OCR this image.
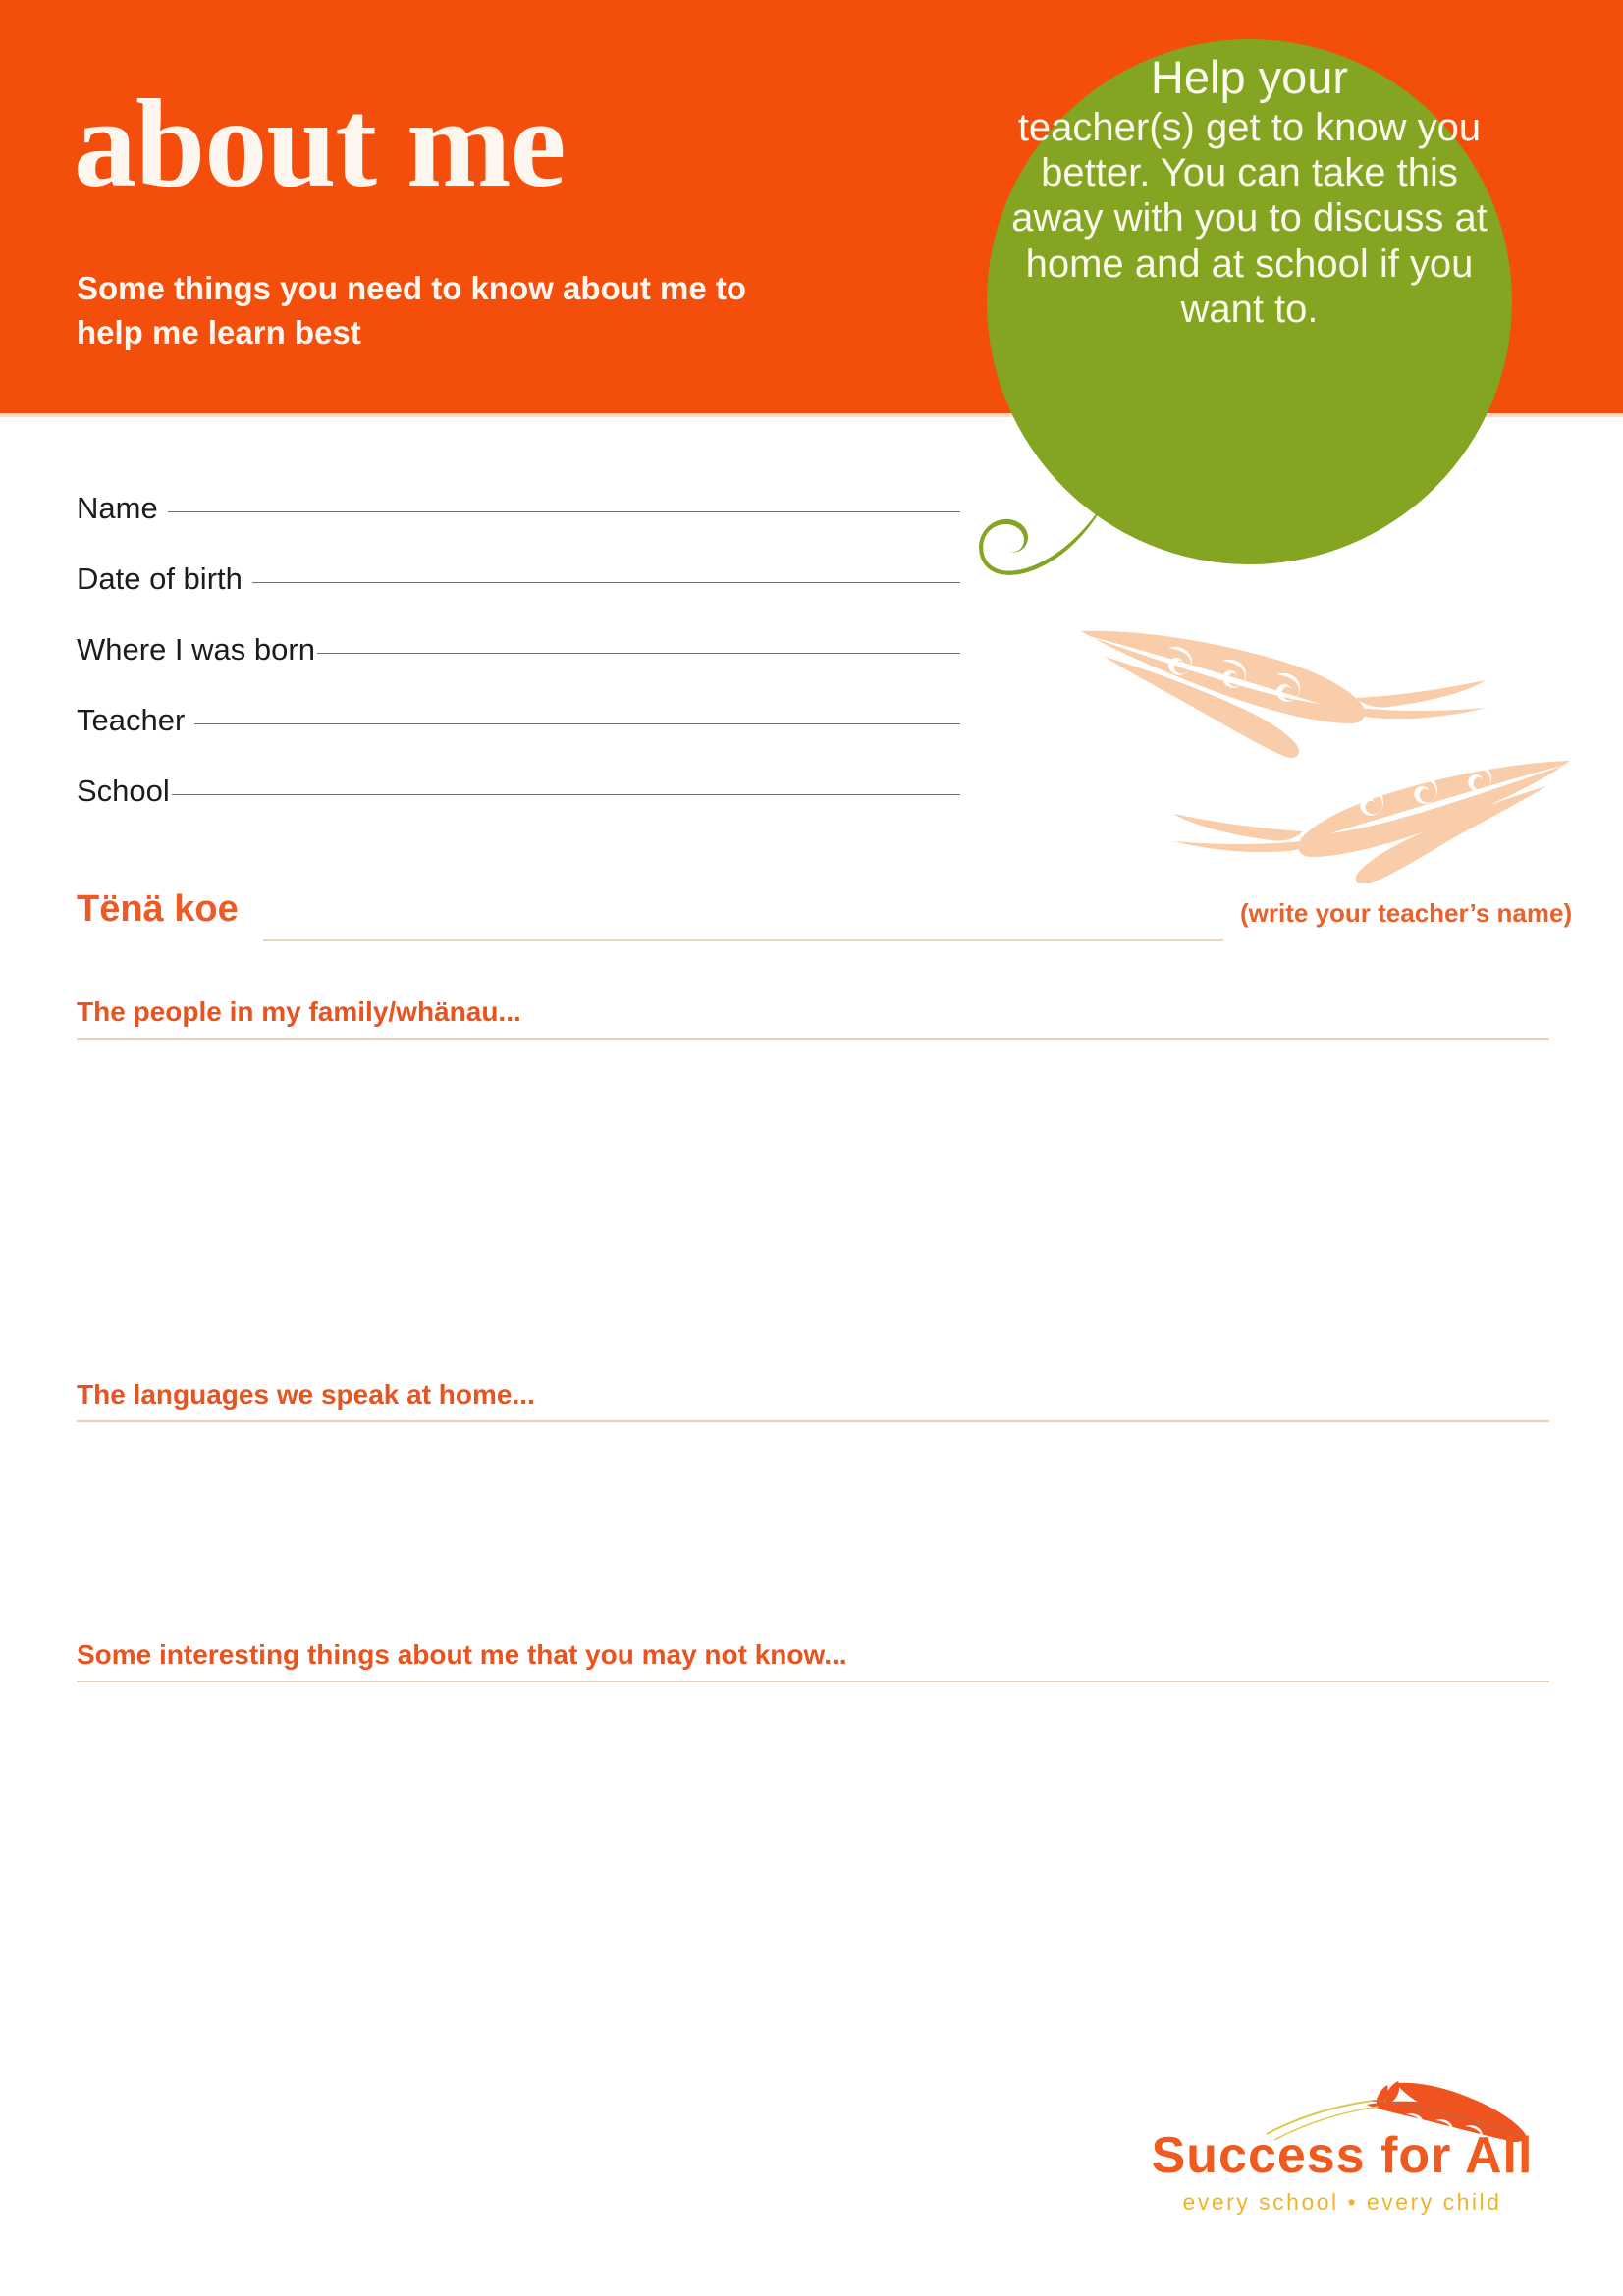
about me
Some things you need to know about me to help me learn best
Help your
teacher(s) get to know you better. You can take this away with you to discuss at home and at school if you want to.
Name
Date of birth
Where I was born
Teacher
School
Tënä koe	(write your teacher’s name)
The people in my family/whänau...
The languages we speak at home...
Some interesting things about me that you may not know...
Success for All
every school • every child
